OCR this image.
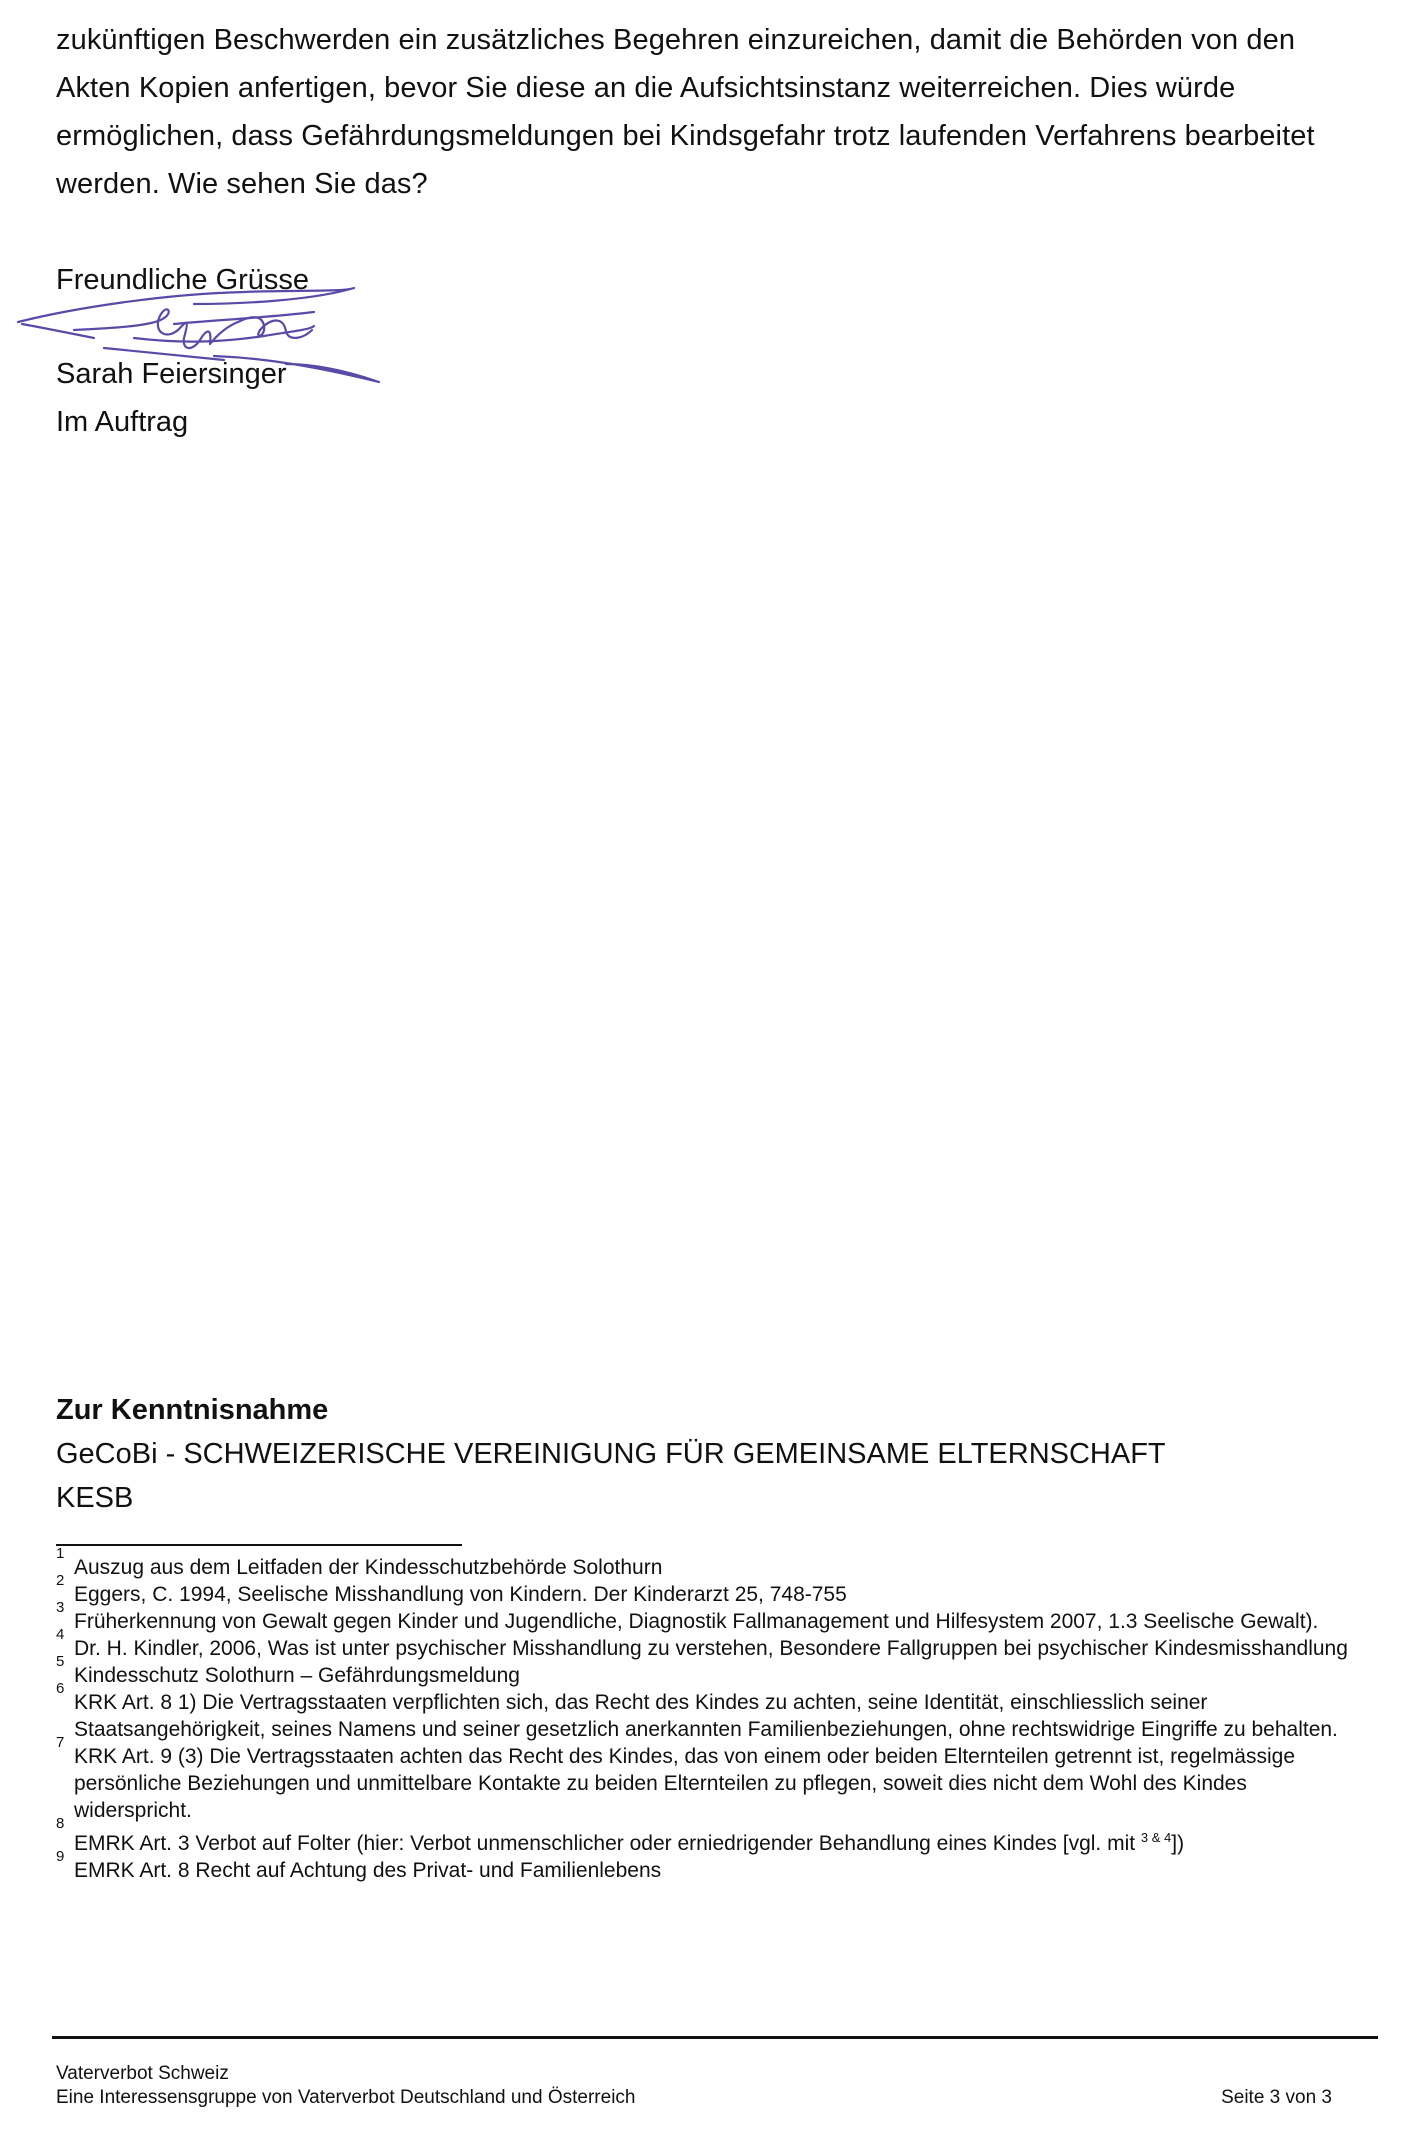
zukünftigen Beschwerden ein zusätzliches Begehren einzureichen, damit die Behörden von den
Akten Kopien anfertigen, bevor Sie diese an die Aufsichtsinstanz weiterreichen. Dies würde
ermöglichen, dass Gefährdungsmeldungen bei Kindsgefahr trotz laufenden Verfahrens bearbeitet
werden. Wie sehen Sie das?
Freundliche Grüsse
Sarah Feiersinger
Im Auftrag
Zur Kenntnisnahme
GeCoBi - SCHWEIZERISCHE VEREINIGUNG FÜR GEMEINSAME ELTERNSCHAFT
KESB
1
Auszug aus dem Leitfaden der Kindesschutzbehörde Solothurn
2
Eggers, C. 1994, Seelische Misshandlung von Kindern. Der Kinderarzt 25, 748-755
3
Früherkennung von Gewalt gegen Kinder und Jugendliche, Diagnostik Fallmanagement und Hilfesystem 2007, 1.3 Seelische Gewalt).
4
Dr. H. Kindler, 2006, Was ist unter psychischer Misshandlung zu verstehen, Besondere Fallgruppen bei psychischer Kindesmisshandlung
5
Kindesschutz Solothurn – Gefährdungsmeldung
6
KRK Art. 8 1) Die Vertragsstaaten verpflichten sich, das Recht des Kindes zu achten, seine Identität, einschliesslich seiner Staatsangehörigkeit, seines Namens und seiner gesetzlich anerkannten Familienbeziehungen, ohne rechtswidrige Eingriffe zu behalten.
7
KRK Art. 9 (3) Die Vertragsstaaten achten das Recht des Kindes, das von einem oder beiden Elternteilen getrennt ist, regelmässige persönliche Beziehungen und unmittelbare Kontakte zu beiden Elternteilen zu pflegen, soweit dies nicht dem Wohl des Kindes widerspricht.
8
EMRK Art. 3 Verbot auf Folter (hier: Verbot unmenschlicher oder erniedrigender Behandlung eines Kindes [vgl. mit $^{3 \& 4}$])
9
EMRK Art. 8 Recht auf Achtung des Privat- und Familienlebens
Vaterverbot Schweiz
Eine Interessensgruppe von Vaterverbot Deutschland und Österreich	Seite 3 von 3
